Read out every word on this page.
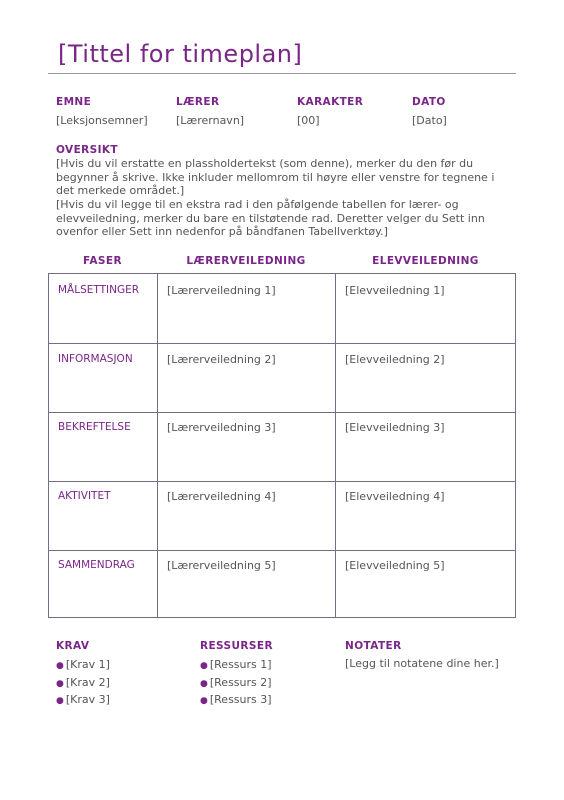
[Tittel for timeplan]
EMNE
[Leksjonsemner]
LÆRER
[Lærernavn]
KARAKTER
[00]
DATO
[Dato]
OVERSIKT
[Hvis du vil erstatte en plassholdertekst (som denne), merker du den før du begynner å skrive. Ikke inkluder mellomrom til høyre eller venstre for tegnene i det merkede området.]
[Hvis du vil legge til en ekstra rad i den påfølgende tabellen for lærer- og elevveiledning, merker du bare en tilstøtende rad. Deretter velger du Sett inn ovenfor eller Sett inn nedenfor på båndfanen Tabellverktøy.]
FASER	LÆRERVEILEDNING	ELEVVEILEDNING
MÅLSETTINGER	[Lærerveiledning 1]	[Elevveiledning 1]
INFORMASJON	[Lærerveiledning 2]	[Elevveiledning 2]
BEKREFTELSE	[Lærerveiledning 3]	[Elevveiledning 3]
AKTIVITET	[Lærerveiledning 4]	[Elevveiledning 4]
SAMMENDRAG	[Lærerveiledning 5]	[Elevveiledning 5]
KRAV
● [Krav 1]
● [Krav 2]
● [Krav 3]
RESSURSER
● [Ressurs 1]
● [Ressurs 2]
● [Ressurs 3]
NOTATER
[Legg til notatene dine her.]
